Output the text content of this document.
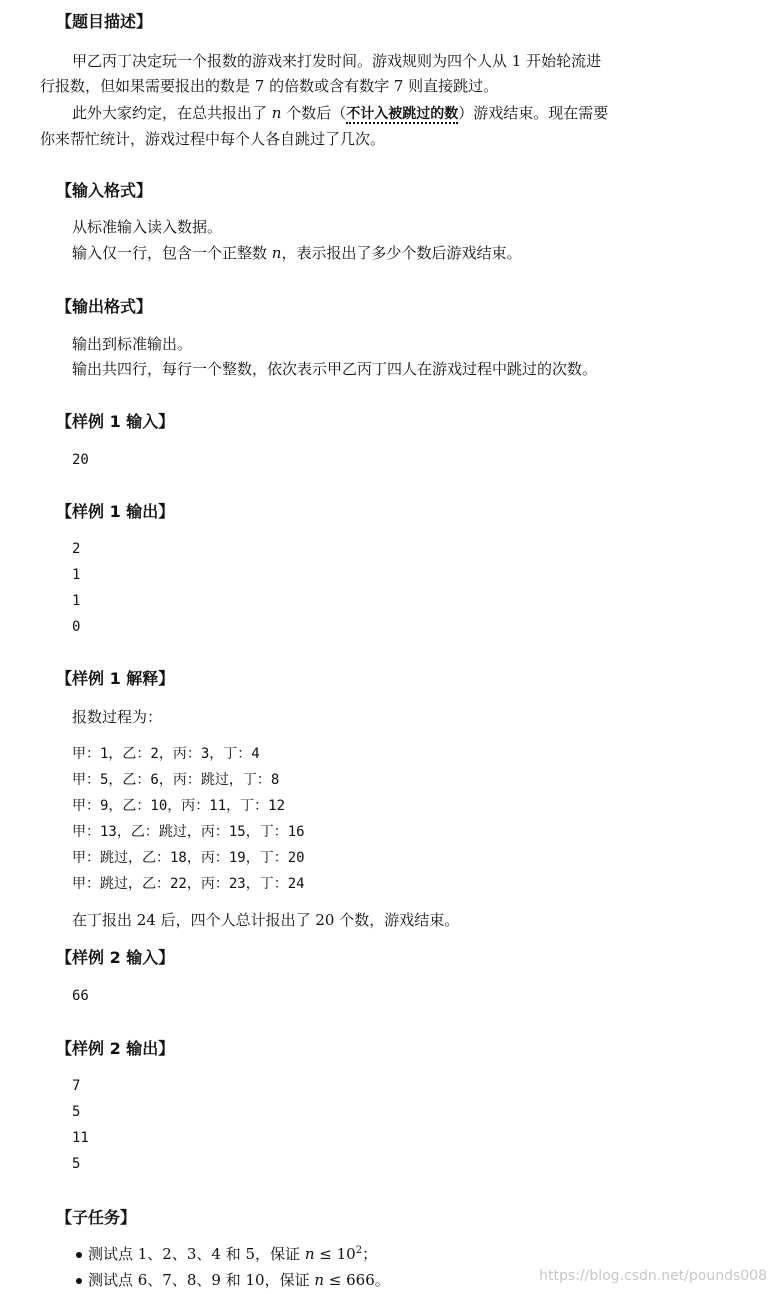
【题目描述】
甲乙丙丁决定玩一个报数的游戏来打发时间。游戏规则为四个人从 1 开始轮流进
行报数，但如果需要报出的数是 7 的倍数或含有数字 7 则直接跳过。
此外大家约定，在总共报出了 n 个数后（不计入被跳过的数）游戏结束。现在需要
你来帮忙统计，游戏过程中每个人各自跳过了几次。
【输入格式】
从标准输入读入数据。
输入仅一行，包含一个正整数 n，表示报出了多少个数后游戏结束。
【输出格式】
输出到标准输出。
输出共四行，每行一个整数，依次表示甲乙丙丁四人在游戏过程中跳过的次数。
【样例 1 输入】
20
【样例 1 输出】
2
1
1
0
【样例 1 解释】
报数过程为：
甲：1，乙：2，丙：3，丁：4
甲：5，乙：6，丙：跳过，丁：8
甲：9，乙：10，丙：11，丁：12
甲：13，乙：跳过，丙：15，丁：16
甲：跳过，乙：18，丙：19，丁：20
甲：跳过，乙：22，丙：23，丁：24
在丁报出 24 后，四个人总计报出了 20 个数，游戏结束。
【样例 2 输入】
66
【样例 2 输出】
7
5
11
5
【子任务】
测试点 1、2、3、4 和 5，保证 $n \le 10^2$；
测试点 6、7、8、9 和 10，保证 n ≤ 666。	https://blog.csdn.net/pounds008
